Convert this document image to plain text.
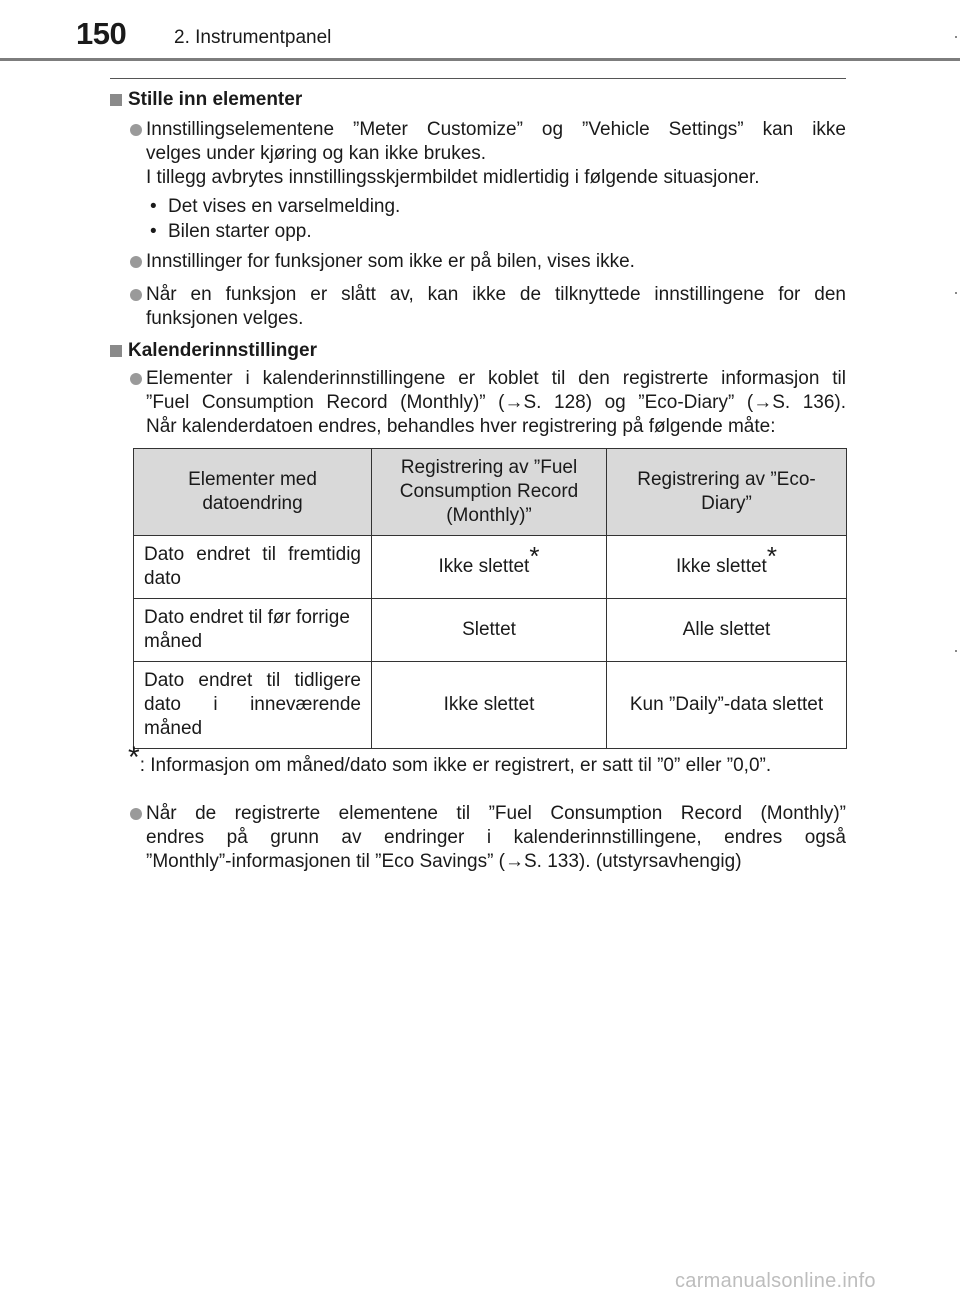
150	2. Instrumentpanel
Stille inn elementer
Innstillingselementene ”Meter Customize” og ”Vehicle Settings” kan ikke
velges under kjøring og kan ikke brukes.
I tillegg avbrytes innstillingsskjermbildet midlertidig i følgende situasjoner.
• Det vises en varselmelding.
• Bilen starter opp.
Innstillinger for funksjoner som ikke er på bilen, vises ikke.
Når en funksjon er slått av, kan ikke de tilknyttede innstillingene for den
funksjonen velges.
Kalenderinnstillinger
Elementer i kalenderinnstillingene er koblet til den registrerte informasjon til
”Fuel Consumption Record (Monthly)” (→S. 128) og ”Eco-Diary” (→S. 136).
Når kalenderdatoen endres, behandles hver registrering på følgende måte:
Elementer med datoendring	Registrering av ”Fuel Consumption Record (Monthly)”	Registrering av ”Eco-Diary”

Dato endret til fremtidig
dato	Ikke slettet*	Ikke slettet*

Dato endret til før forrige
måned	Slettet	Alle slettet

Dato endret til tidligere
dato i inneværende
måned	Ikke slettet	Kun ”Daily”-data slettet
*: Informasjon om måned/dato som ikke er registrert, er satt til ”0” eller ”0,0”.
Når de registrerte elementene til ”Fuel Consumption Record (Monthly)”
endres på grunn av endringer i kalenderinnstillingene, endres også
”Monthly”-informasjonen til ”Eco Savings” (→S. 133). (utstyrsavhengig)
carmanualsonline.info
